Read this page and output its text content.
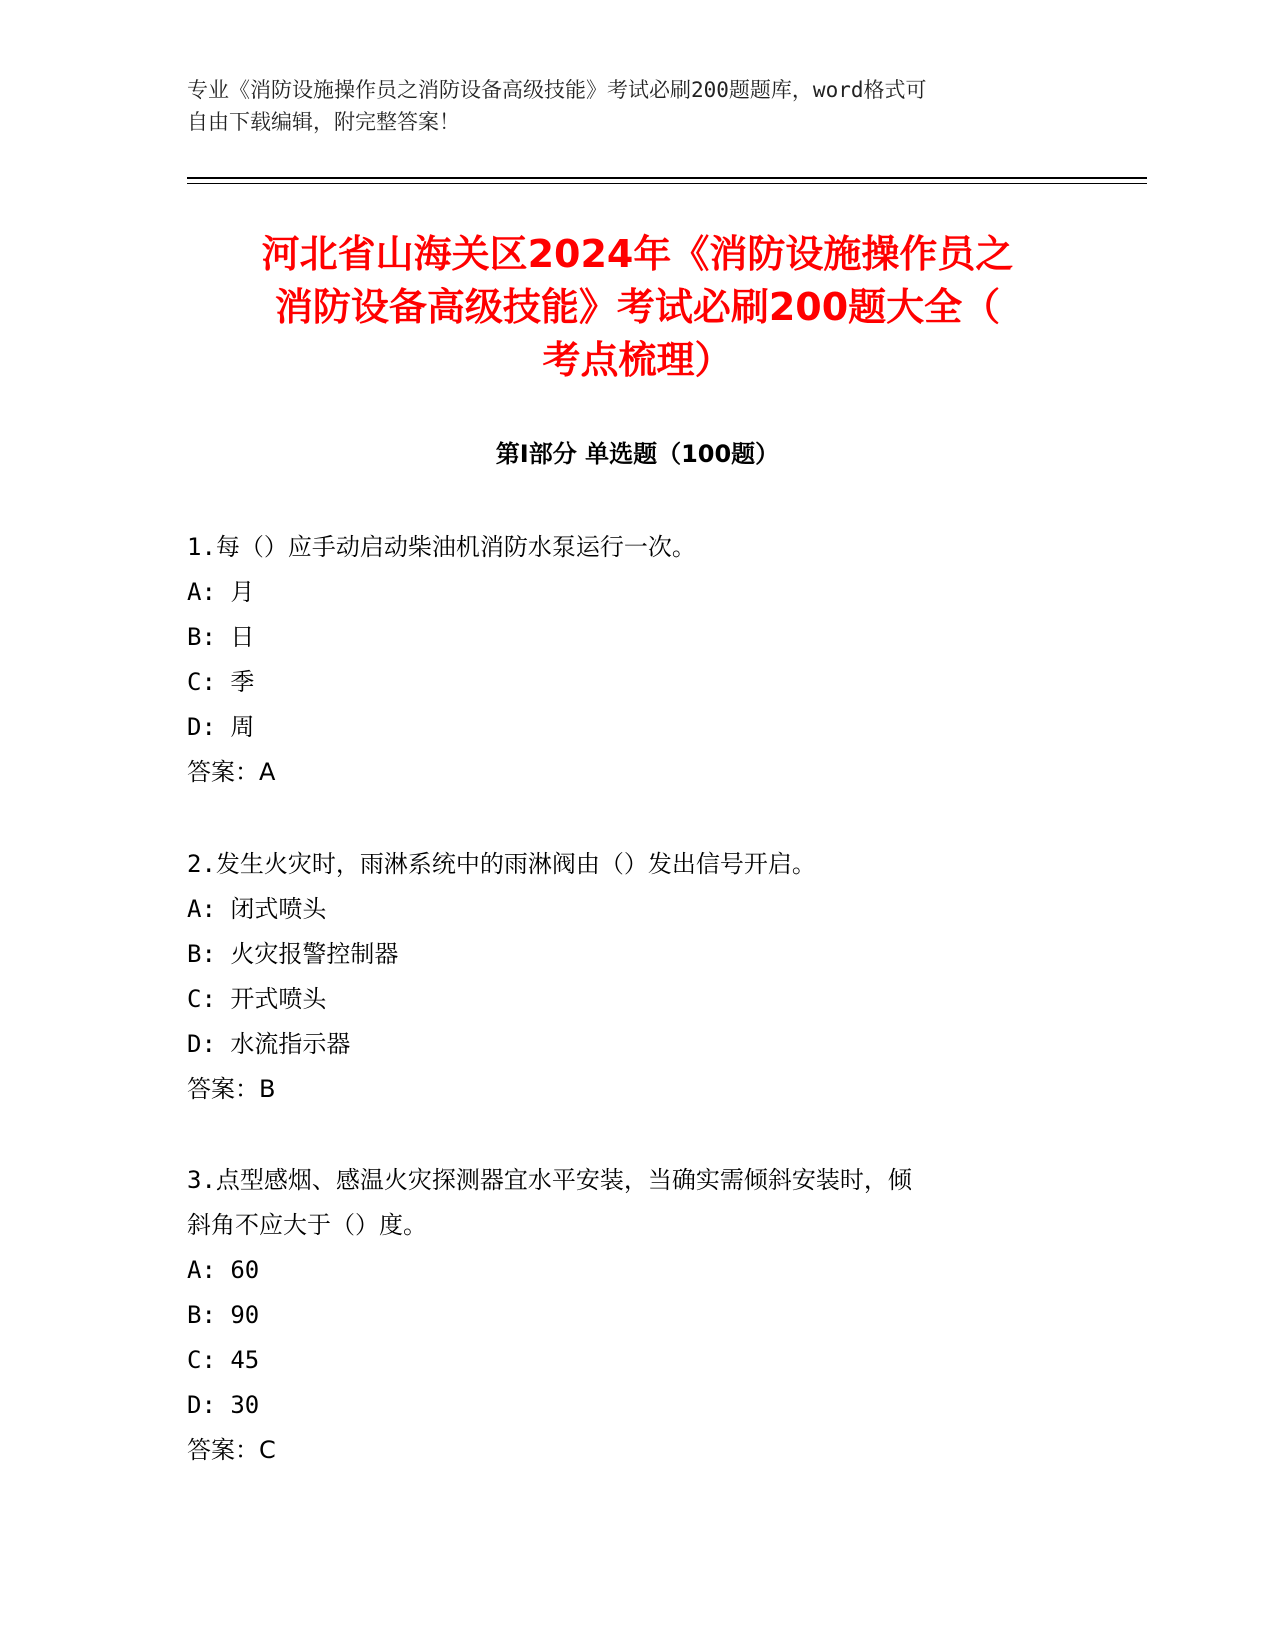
专业《消防设施操作员之消防设备高级技能》考试必刷200题题库，word格式可
自由下载编辑，附完整答案！
河北省山海关区2024年《消防设施操作员之
消防设备高级技能》考试必刷200题大全（
考点梳理）
第Ⅰ部分 单选题（100题）
1.每（）应手动启动柴油机消防水泵运行一次。
A: 月
B: 日
C: 季
D: 周
答案：A
2.发生火灾时，雨淋系统中的雨淋阀由（）发出信号开启。
A: 闭式喷头
B: 火灾报警控制器
C: 开式喷头
D: 水流指示器
答案：B
3.点型感烟、感温火灾探测器宜水平安装，当确实需倾斜安装时，倾
斜角不应大于（）度。
A: 60
B: 90
C: 45
D: 30
答案：C
